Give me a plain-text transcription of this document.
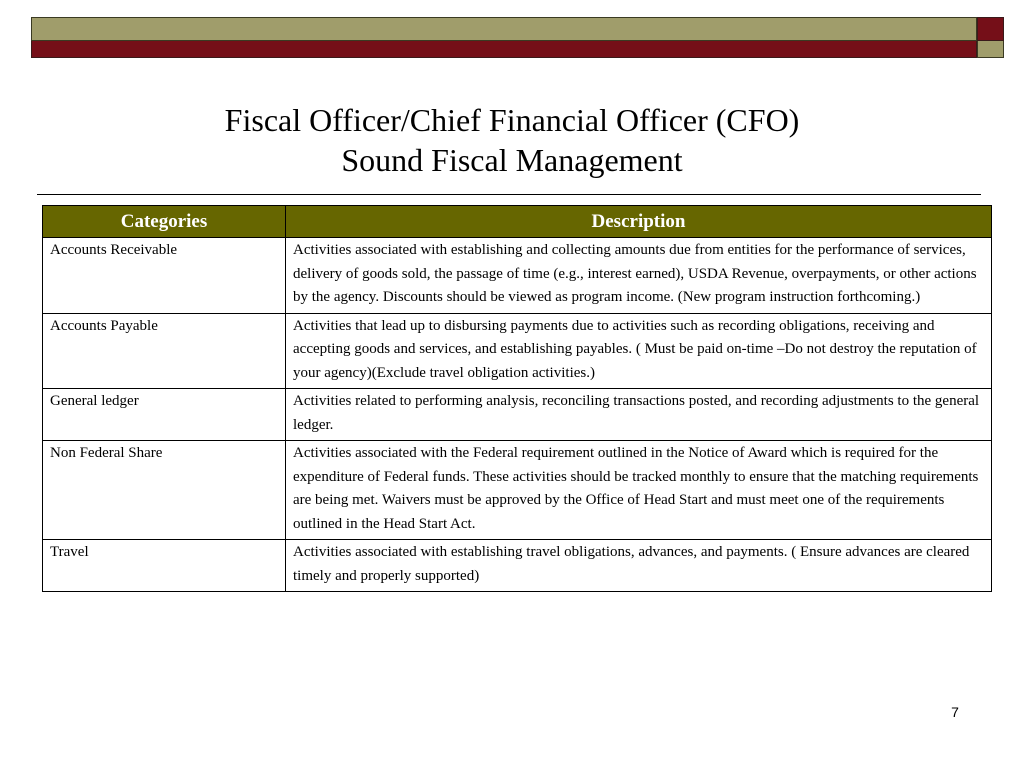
Fiscal Officer/Chief Financial Officer (CFO)
Sound Fiscal Management
Categories	Description
Accounts Receivable	Activities associated with establishing and collecting amounts due from entities for the performance of services, delivery of goods sold, the passage of time (e.g., interest earned), USDA Revenue, overpayments, or other actions by the agency. Discounts should be viewed as program income. (New program instruction forthcoming.)
Accounts Payable	Activities that lead up to disbursing payments due to activities such as recording obligations, receiving and accepting goods and services, and establishing payables. ( Must be paid on-time –Do not destroy the reputation of your agency)(Exclude travel obligation activities.)
General ledger	Activities related to performing analysis, reconciling transactions posted, and recording adjustments to the general ledger.
Non Federal Share	Activities associated with the Federal requirement outlined in the Notice of Award which is required for the expenditure of Federal funds. These activities should be tracked monthly to ensure that the matching requirements are being met. Waivers must be approved by the Office of Head Start and must meet one of the requirements outlined in the Head Start Act.
Travel	Activities associated with establishing travel obligations, advances, and payments. ( Ensure advances are cleared timely and properly supported)
7
